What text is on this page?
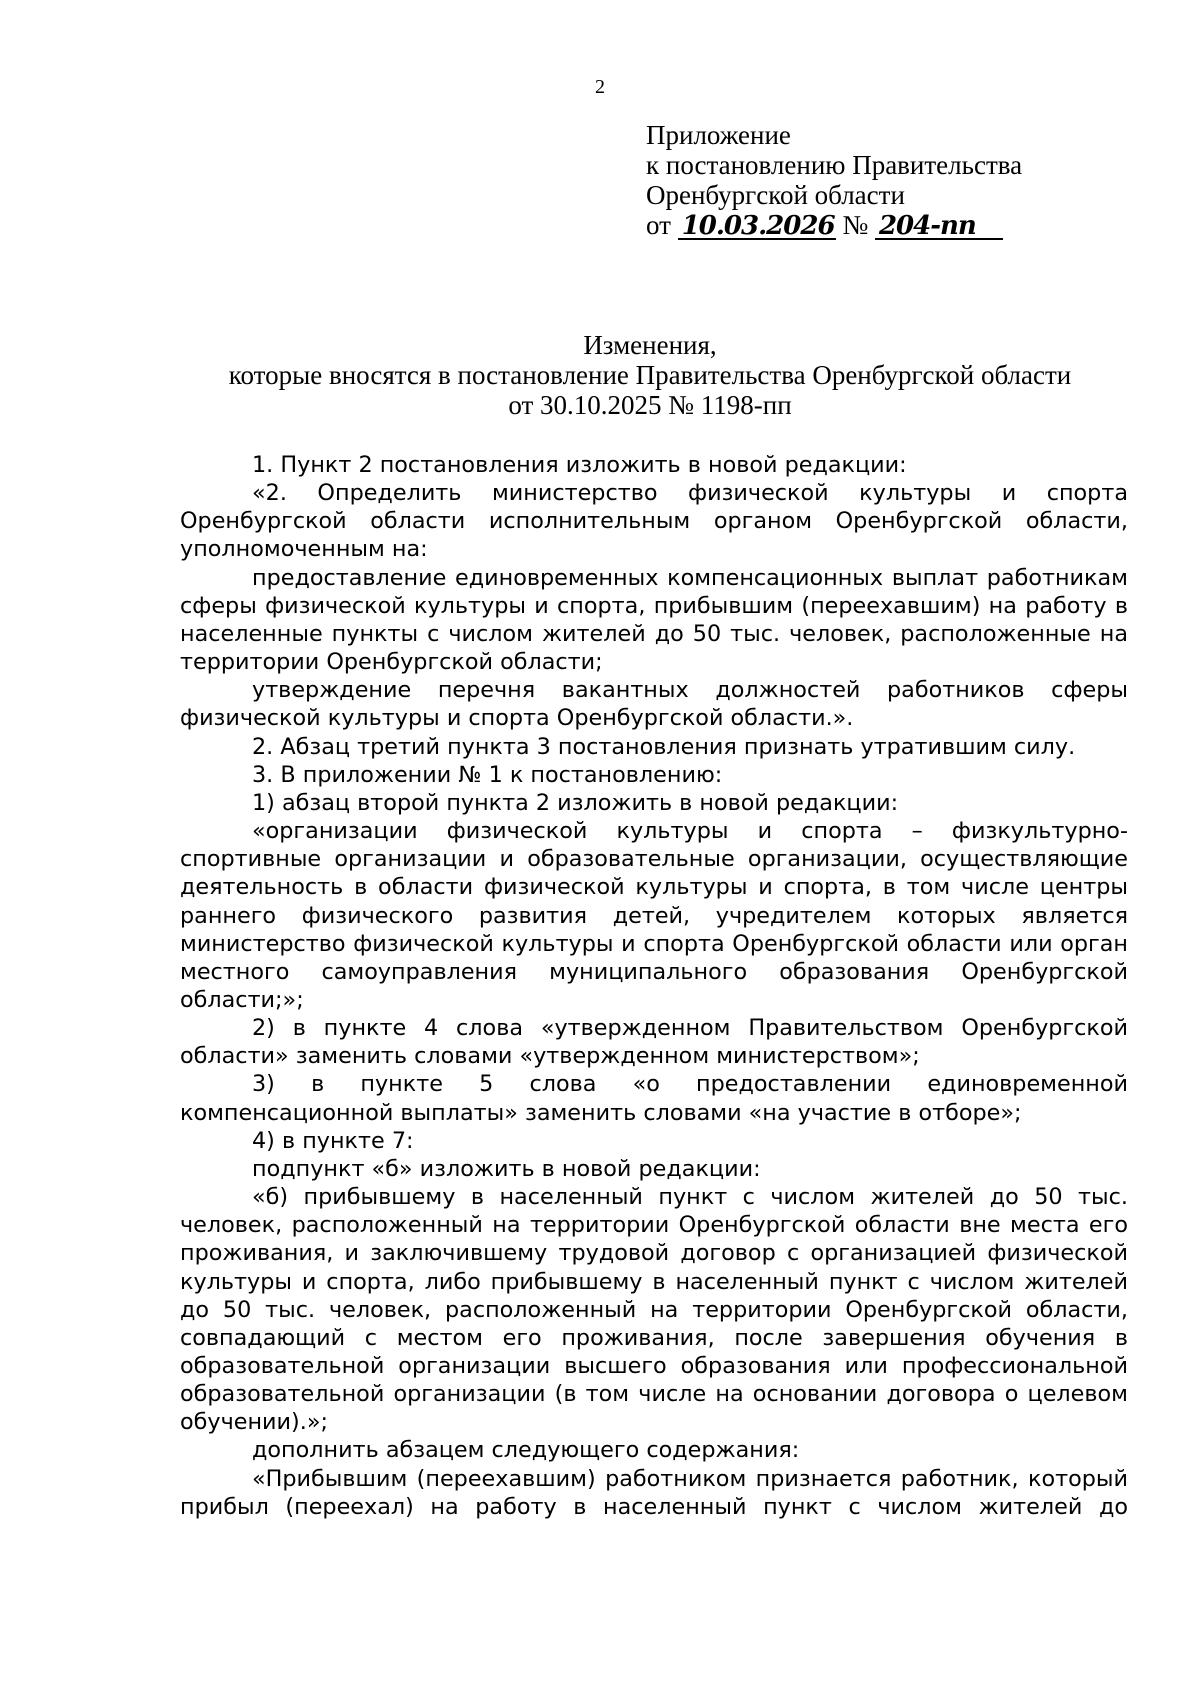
2
Приложение
к постановлению Правительства
Оренбургской области
от 10.03.2026 № 204-пп
Изменения,
которые вносятся в постановление Правительства Оренбургской области
от 30.10.2025 № 1198-пп

1. Пункт 2 постановления изложить в новой редакции:

«2. Определить министерство физической культуры и спорта Оренбургской области исполнительным органом Оренбургской области, уполномоченным на:

предоставление единовременных компенсационных выплат работникам сферы физической культуры и спорта, прибывшим (переехавшим) на работу в населенные пункты с числом жителей до 50 тыс. человек, расположенные на территории Оренбургской области;

утверждение перечня вакантных должностей работников сферы физической культуры и спорта Оренбургской области.».

2. Абзац третий пункта 3 постановления признать утратившим силу.

3. В приложении № 1 к постановлению:

1) абзац второй пункта 2 изложить в новой редакции:

«организации физической культуры и спорта – физкультурно-спортивные организации и образовательные организации, осуществляющие деятельность в области физической культуры и спорта, в том числе центры раннего физического развития детей, учредителем которых является министерство физической культуры и спорта Оренбургской области или орган местного самоуправления муниципального образования Оренбургской области;»;

2) в пункте 4 слова «утвержденном Правительством Оренбургской области» заменить словами «утвержденном министерством»;

3) в пункте 5 слова «о предоставлении единовременной компенсационной выплаты» заменить словами «на участие в отборе»;

4) в пункте 7:

подпункт «б» изложить в новой редакции:

«б) прибывшему в населенный пункт с числом жителей до 50 тыс. человек, расположенный на территории Оренбургской области вне места его проживания, и заключившему трудовой договор с организацией физической культуры и спорта, либо прибывшему в населенный пункт с числом жителей до 50 тыс. человек, расположенный на территории Оренбургской области, совпадающий с местом его проживания, после завершения обучения в образовательной организации высшего образования или профессиональной образовательной организации (в том числе на основании договора о целевом обучении).»;

дополнить абзацем следующего содержания:

«Прибывшим (переехавшим) работником признается работник, который прибыл (переехал) на работу в населенный пункт с числом жителей до
